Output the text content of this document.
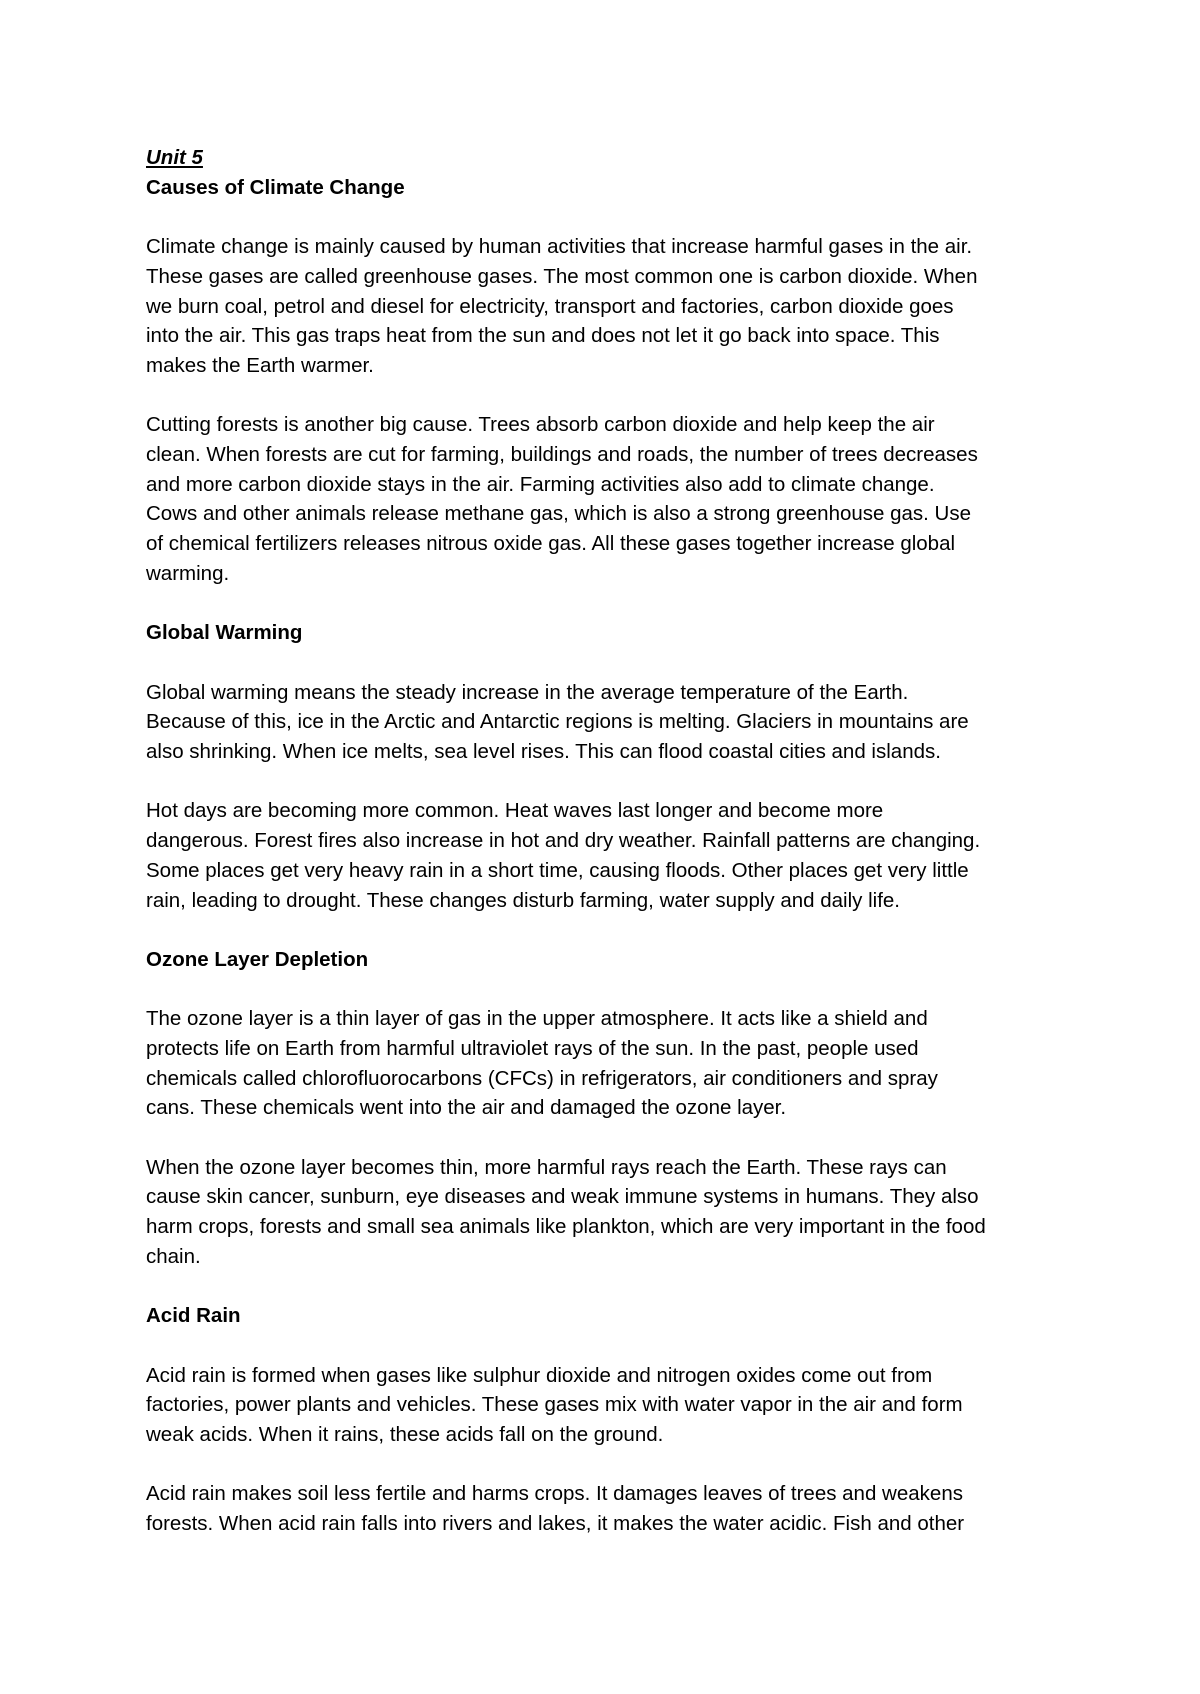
Unit 5

Causes of Climate Change

Climate change is mainly caused by human activities that increase harmful gases in the air.

These gases are called greenhouse gases. The most common one is carbon dioxide. When

we burn coal, petrol and diesel for electricity, transport and factories, carbon dioxide goes

into the air. This gas traps heat from the sun and does not let it go back into space. This

makes the Earth warmer.

Cutting forests is another big cause. Trees absorb carbon dioxide and help keep the air

clean. When forests are cut for farming, buildings and roads, the number of trees decreases

and more carbon dioxide stays in the air. Farming activities also add to climate change.

Cows and other animals release methane gas, which is also a strong greenhouse gas. Use

of chemical fertilizers releases nitrous oxide gas. All these gases together increase global

warming.

Global Warming

Global warming means the steady increase in the average temperature of the Earth.

Because of this, ice in the Arctic and Antarctic regions is melting. Glaciers in mountains are

also shrinking. When ice melts, sea level rises. This can flood coastal cities and islands.

Hot days are becoming more common. Heat waves last longer and become more

dangerous. Forest fires also increase in hot and dry weather. Rainfall patterns are changing.

Some places get very heavy rain in a short time, causing floods. Other places get very little

rain, leading to drought. These changes disturb farming, water supply and daily life.

Ozone Layer Depletion

The ozone layer is a thin layer of gas in the upper atmosphere. It acts like a shield and

protects life on Earth from harmful ultraviolet rays of the sun. In the past, people used

chemicals called chlorofluorocarbons (CFCs) in refrigerators, air conditioners and spray

cans. These chemicals went into the air and damaged the ozone layer.

When the ozone layer becomes thin, more harmful rays reach the Earth. These rays can

cause skin cancer, sunburn, eye diseases and weak immune systems in humans. They also

harm crops, forests and small sea animals like plankton, which are very important in the food

chain.

Acid Rain

Acid rain is formed when gases like sulphur dioxide and nitrogen oxides come out from

factories, power plants and vehicles. These gases mix with water vapor in the air and form

weak acids. When it rains, these acids fall on the ground.

Acid rain makes soil less fertile and harms crops. It damages leaves of trees and weakens

forests. When acid rain falls into rivers and lakes, it makes the water acidic. Fish and other
